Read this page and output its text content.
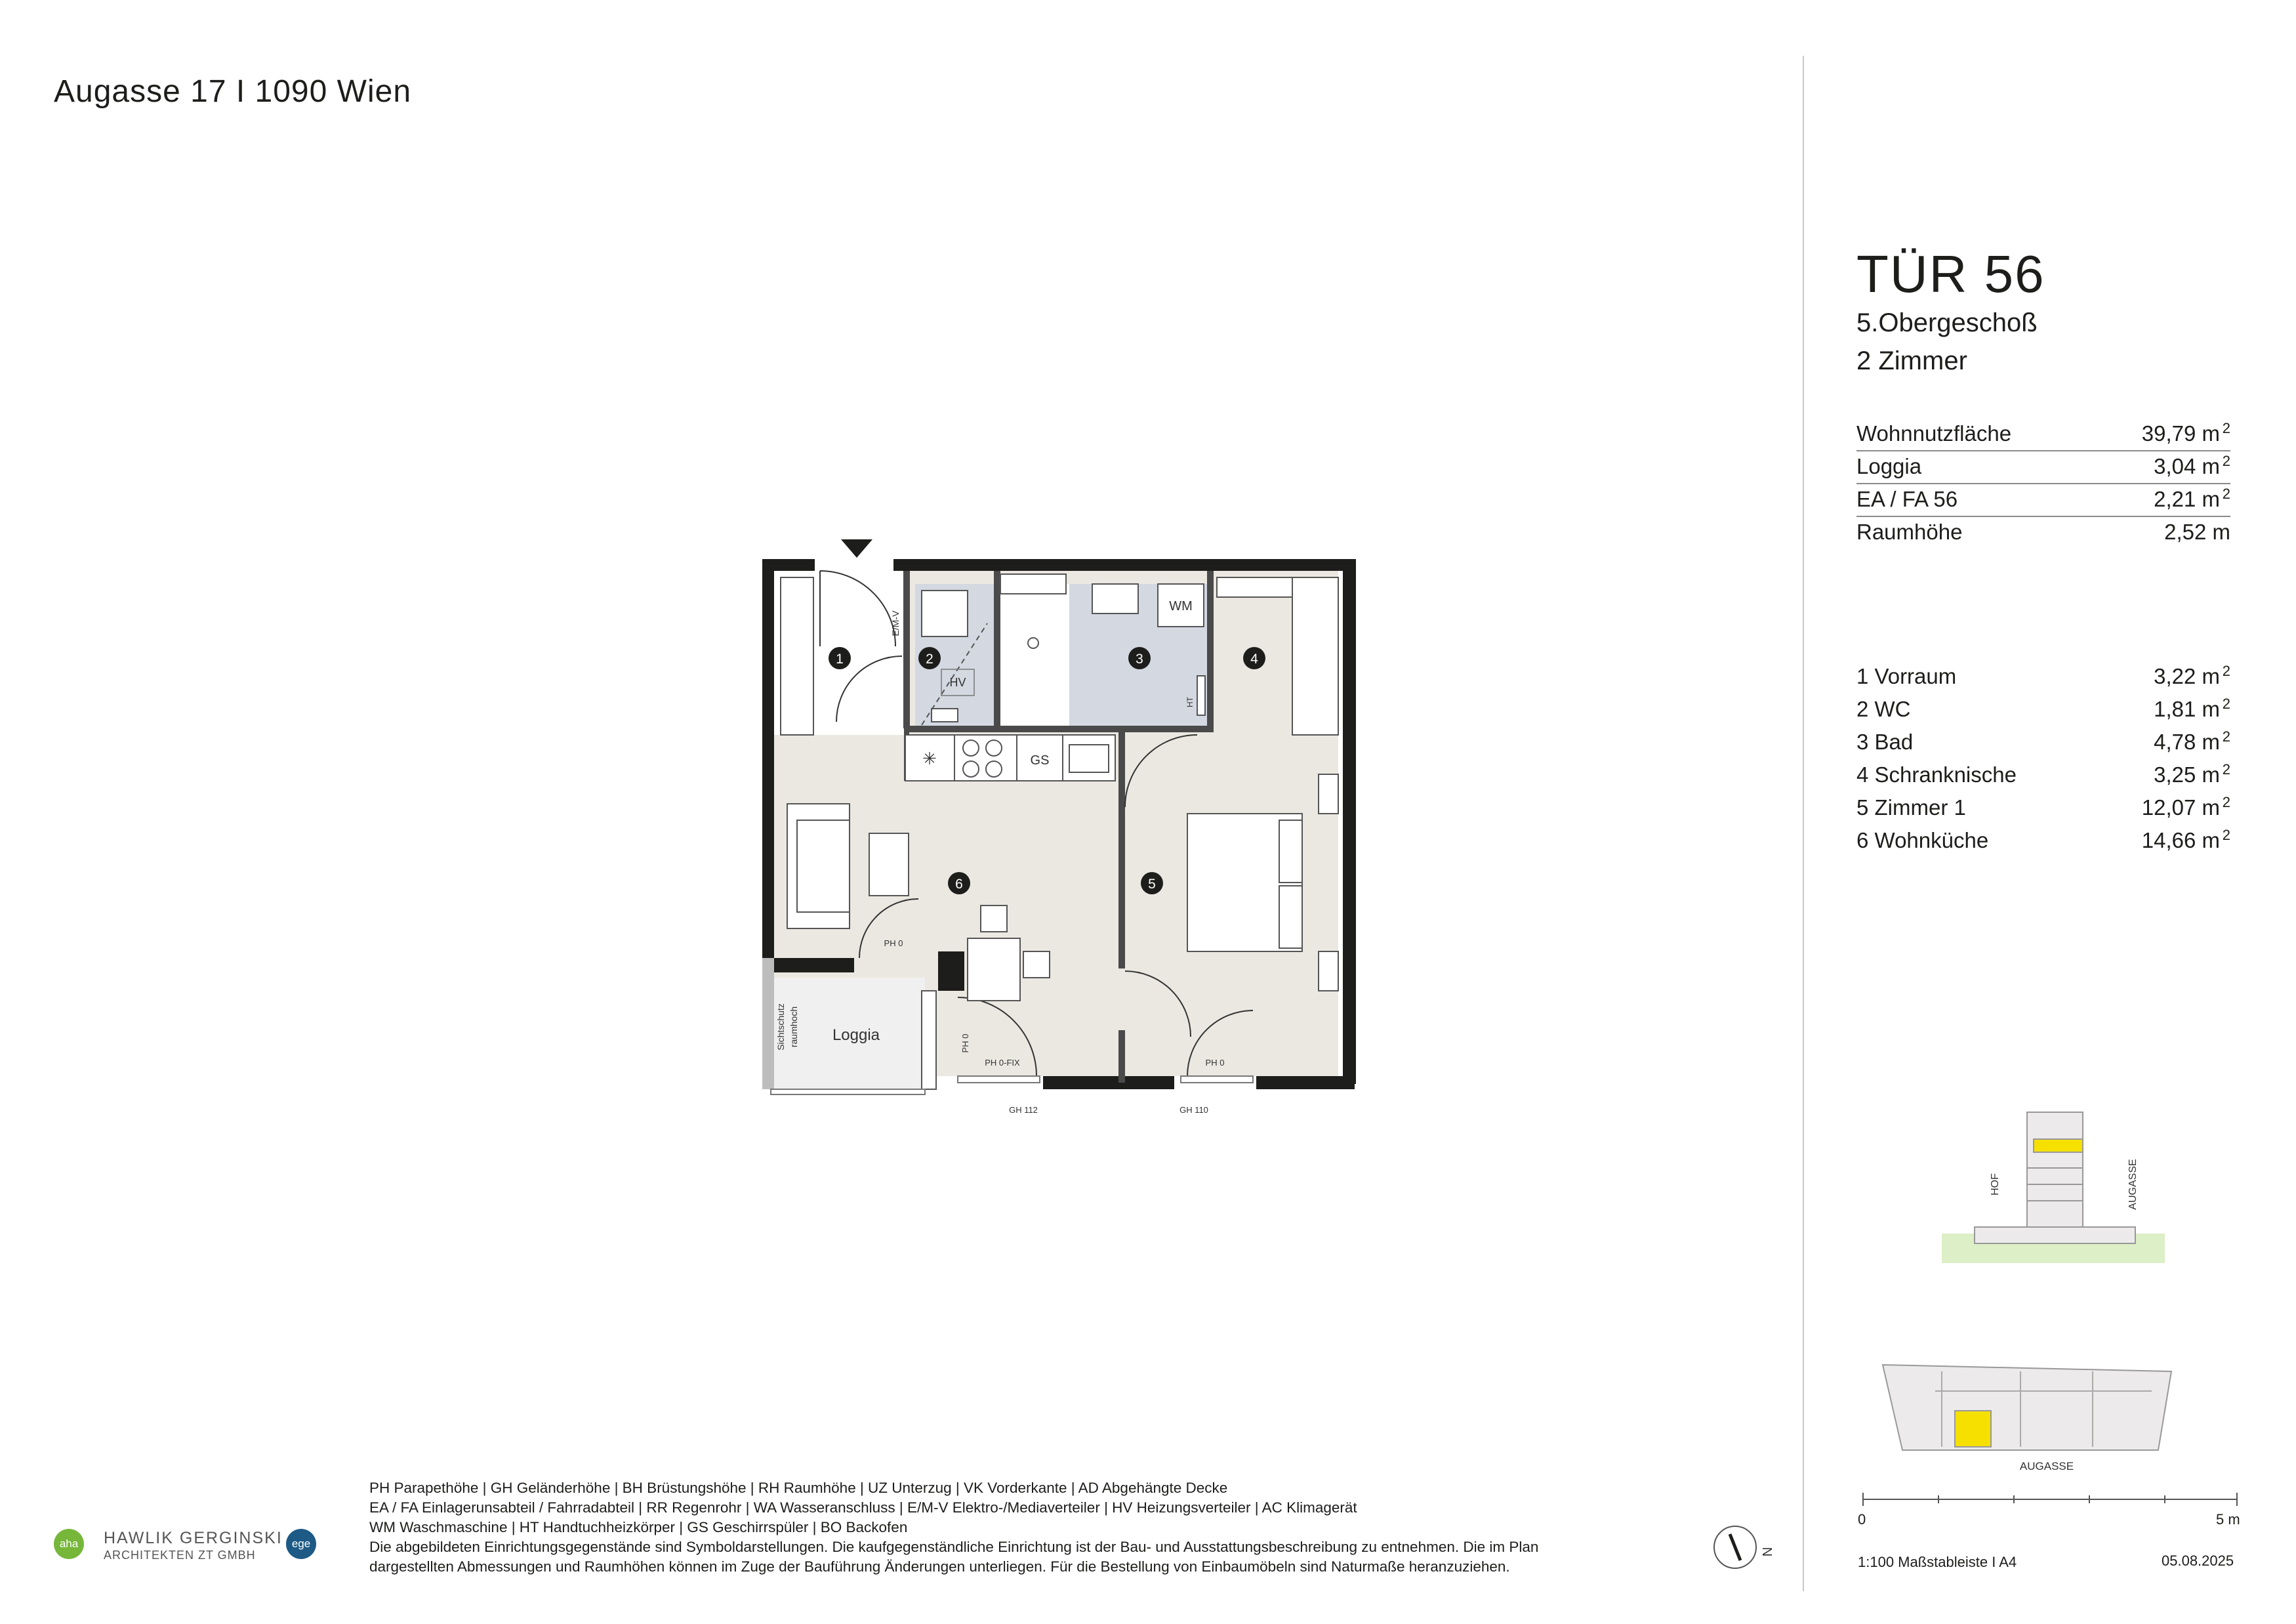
Augasse 17 I 1090 Wien
TÜR 56
5.Obergeschoß
2 Zimmer
Wohnnutzfläche	39,79 m 2
Loggia	3,04 m 2
EA / FA 56	2,21 m 2
Raumhöhe	2,52 m
1 Vorraum	3,22 m 2
2 WC	1,81 m 2
3 Bad	4,78 m 2
4 Schranknische	3,25 m 2
5 Zimmer 1	12,07 m 2
6 Wohnküche	14,66 m 2
✳	GS
HV
WM
HT
E/M-V
Loggia
Sichtschutz raumhoch
PH 0
PH 0
PH 0-FIX	PH 0
GH 112	GH 110
1	2	3	4
5
6
HOF	AUGASSE
AUGASSE
0	5 m
1:100 Maßstableiste I A4	05.08.2025
N
PH Parapethöhe | GH Geländerhöhe | BH Brüstungshöhe | RH Raumhöhe | UZ Unterzug | VK Vorderkante | AD Abgehängte Decke
EA / FA Einlagerunsabteil / Fahrradabteil | RR Regenrohr | WA Wasseranschluss | E/M-V Elektro-/Mediaverteiler | HV Heizungsverteiler | AC Klimagerät
WM Waschmaschine | HT Handtuchheizkörper | GS Geschirrspüler | BO Backofen
Die abgebildeten Einrichtungsgegenstände sind Symboldarstellungen. Die kaufgegenständliche Einrichtung ist der Bau- und Ausstattungsbeschreibung zu entnehmen. Die im Plan
dargestellten Abmessungen und Raumhöhen können im Zuge der Bauführung Änderungen unterliegen. Für die Bestellung von Einbaumöbeln sind Naturmaße heranzuziehen.
aha	HAWLIK GERGINSKI
ARCHITEKTEN ZT GMBH
ege
